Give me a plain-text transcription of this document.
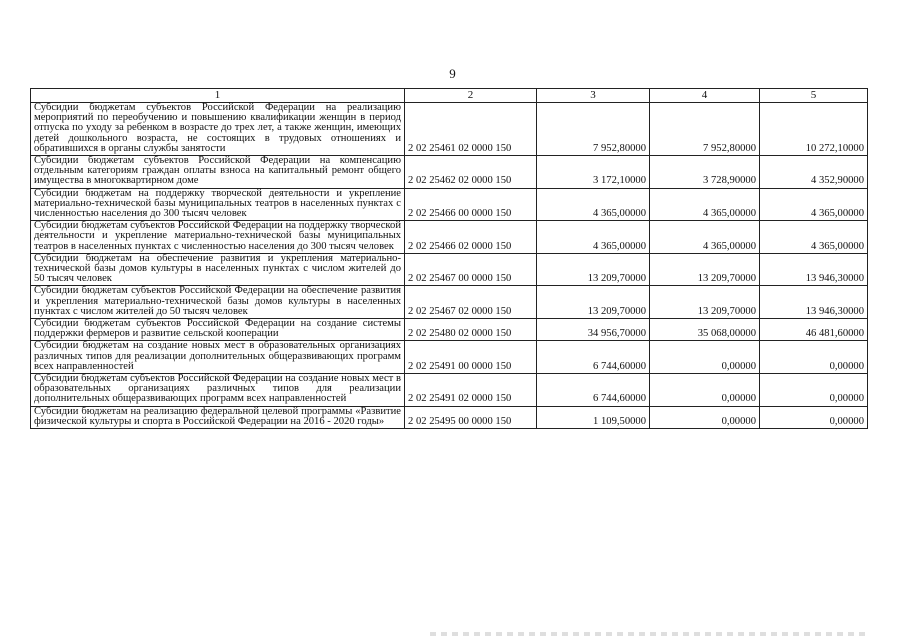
9
1	2	3	4	5
Субсидии бюджетам субъектов Российской Федерации на реализацию мероприятий по переобучению и повышению квалификации женщин в период отпуска по уходу за ребенком в возрасте до трех лет, а также женщин, имеющих детей дошкольного возраста, не состоящих в трудовых отношениях и обратившихся в органы службы занятости	2 02 25461 02 0000 150	7 952,80000	7 952,80000	10 272,10000
Субсидии бюджетам субъектов Российской Федерации на компенсацию отдельным категориям граждан оплаты взноса на капитальный ремонт общего имущества в многоквартирном доме	2 02 25462 02 0000 150	3 172,10000	3 728,90000	4 352,90000
Субсидии бюджетам на поддержку творческой деятельности и укрепление материально-технической базы муниципальных театров в населенных пунктах с численностью населения до 300 тысяч человек	2 02 25466 00 0000 150	4 365,00000	4 365,00000	4 365,00000
Субсидии бюджетам субъектов Российской Федерации на поддержку творческой деятельности и укрепление материально-технической базы муниципальных театров в населенных пунктах с численностью населения до 300 тысяч человек	2 02 25466 02 0000 150	4 365,00000	4 365,00000	4 365,00000
Субсидии бюджетам на обеспечение развития и укрепления материально-технической базы домов культуры в населенных пунктах с числом жителей до 50 тысяч человек	2 02 25467 00 0000 150	13 209,70000	13 209,70000	13 946,30000
Субсидии бюджетам субъектов Российской Федерации на обеспечение развития и укрепления материально-технической базы домов культуры в населенных пунктах с числом жителей до 50 тысяч человек	2 02 25467 02 0000 150	13 209,70000	13 209,70000	13 946,30000
Субсидии бюджетам субъектов Российской Федерации на создание системы поддержки фермеров и развитие сельской кооперации	2 02 25480 02 0000 150	34 956,70000	35 068,00000	46 481,60000
Субсидии бюджетам на создание новых мест в образовательных организациях различных типов для реализации дополнительных общеразвивающих программ всех направленностей	2 02 25491 00 0000 150	6 744,60000	0,00000	0,00000
Субсидии бюджетам субъектов Российской Федерации на создание новых мест в образовательных организациях различных типов для реализации дополнительных общеразвивающих программ всех направленностей	2 02 25491 02 0000 150	6 744,60000	0,00000	0,00000
Субсидии бюджетам на реализацию федеральной целевой программы «Развитие физической культуры и спорта в Российской Федерации на 2016 - 2020 годы»	2 02 25495 00 0000 150	1 109,50000	0,00000	0,00000
